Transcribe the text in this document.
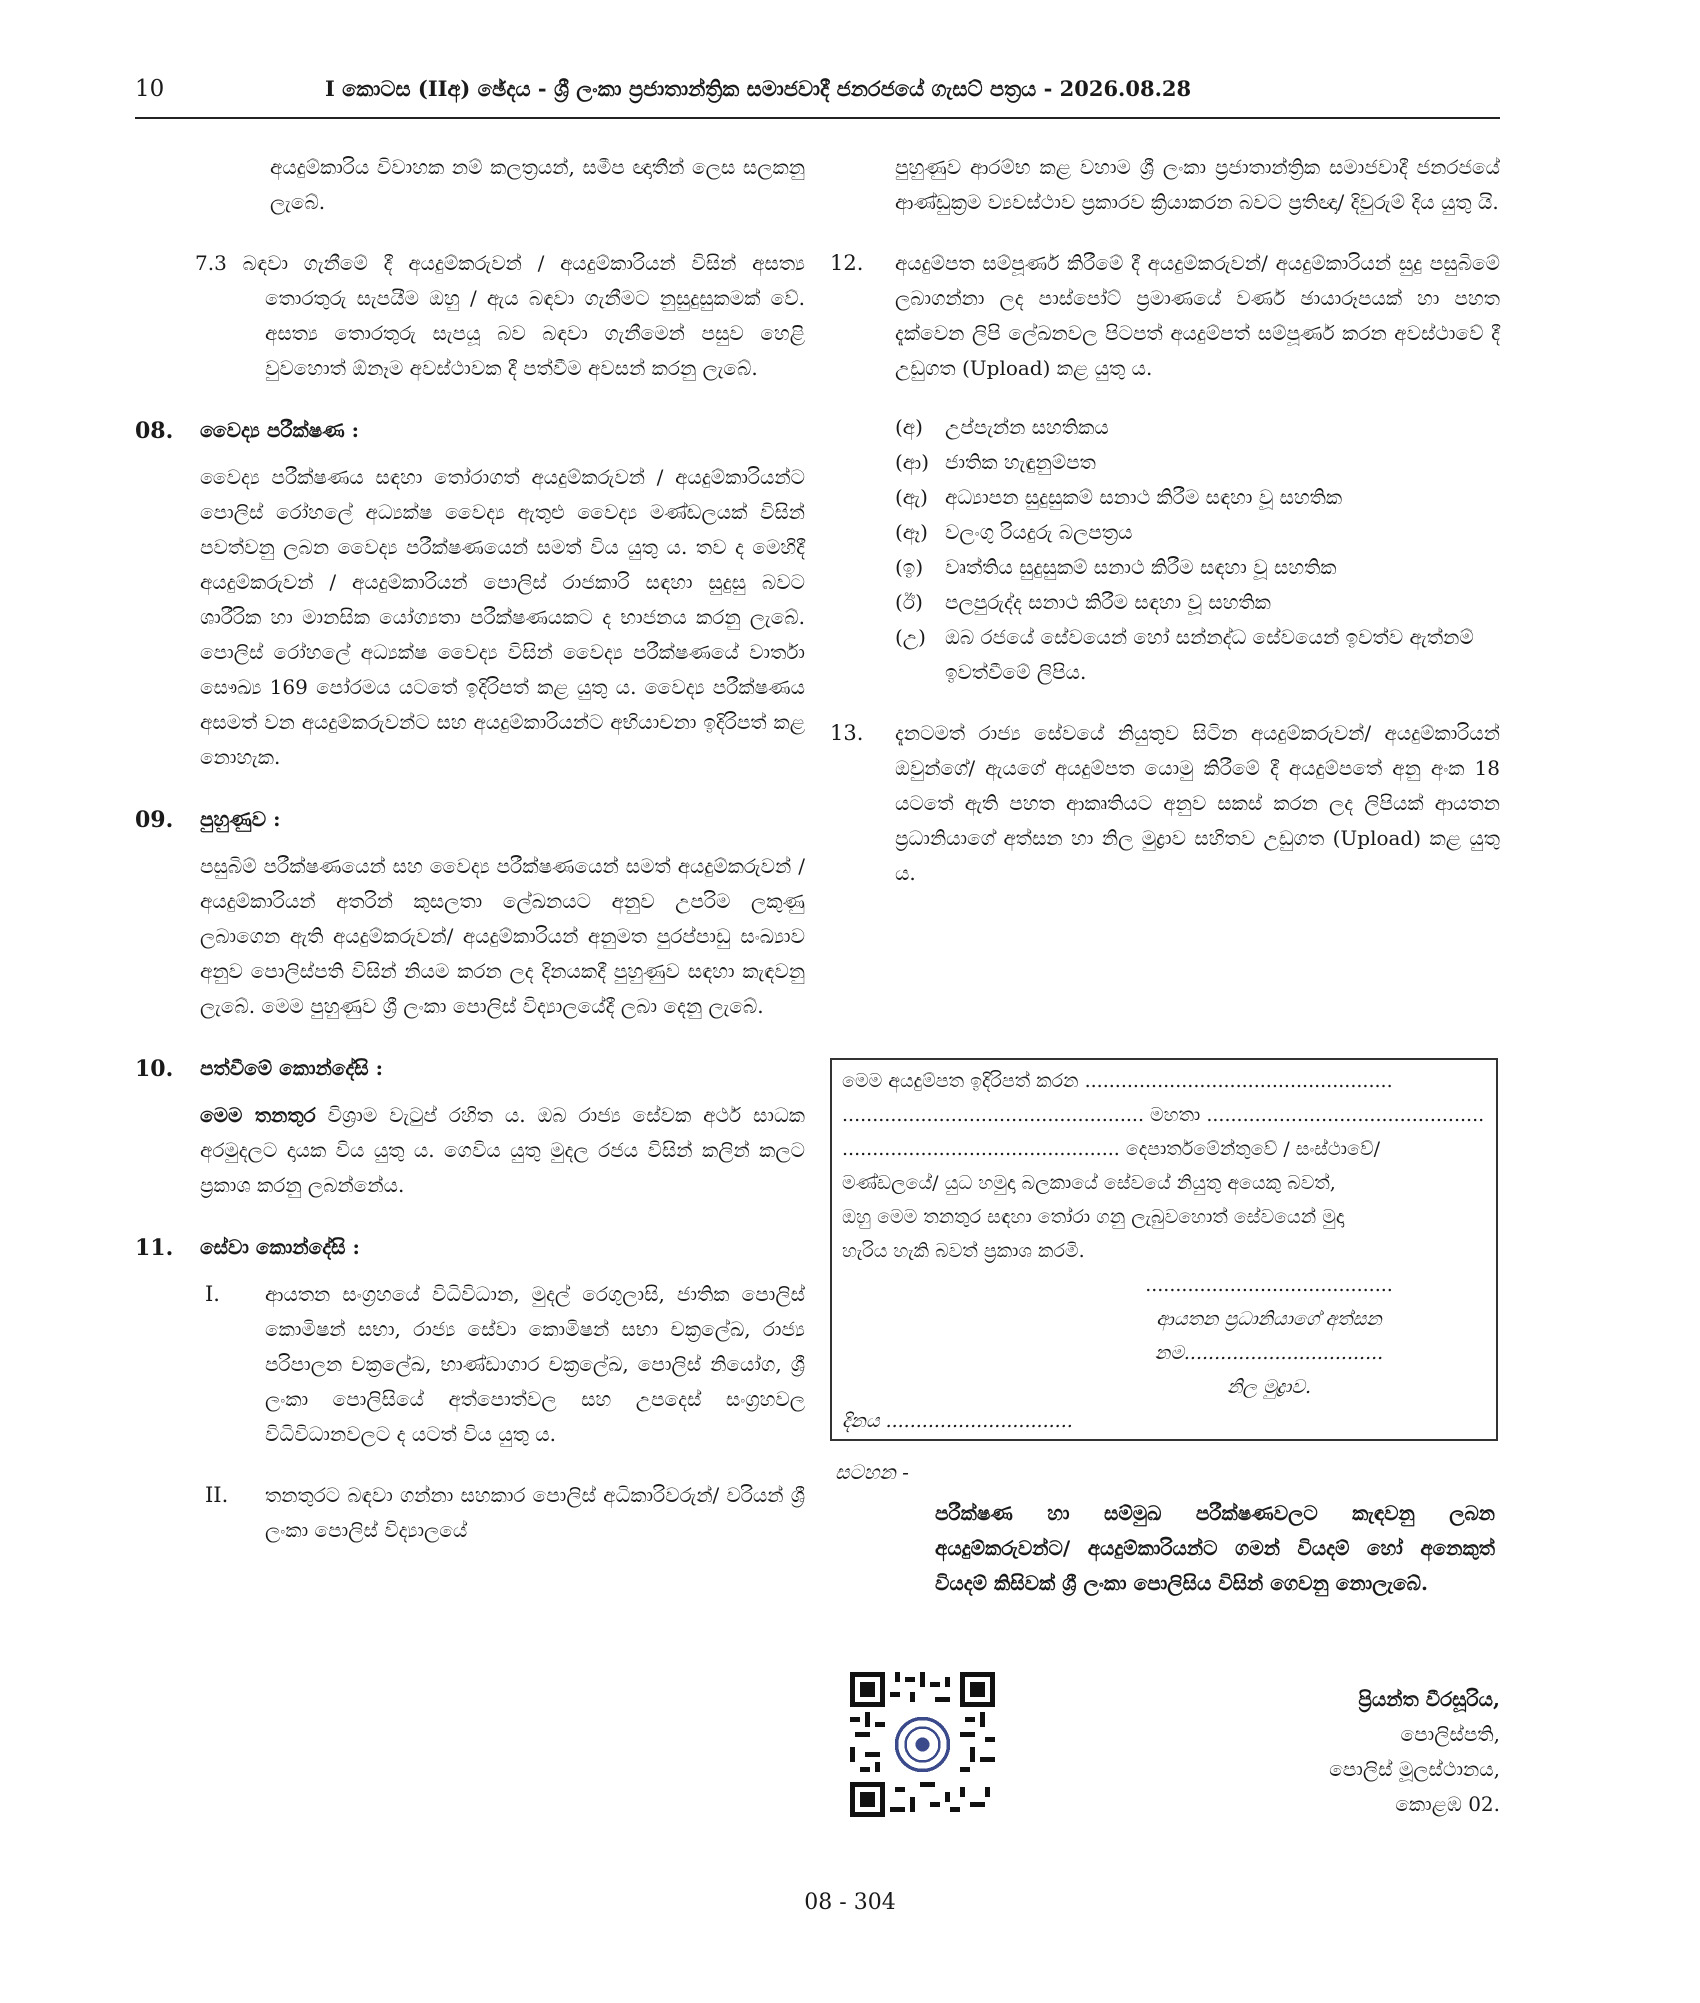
10	I කොටස (IIඅ) ඡේදය - ශ්‍රී ලංකා ප්‍රජාතාන්ත්‍රික සමාජවාදී ජනරජයේ ගැසට් පත්‍රය - 2026.08.28

අයදුම්කාරිය විවාහක නම් කලත්‍රයන්, සමීප ඥාතීන් ලෙස සලකනු ලැබේ.

7.3 බඳවා ගැනීමේ දී අයදුම්කරුවන් / අයදුම්කාරියන් විසින් අසත්‍ය තොරතුරු සැපයීම ඔහු / ඇය බඳවා ගැනීමට නුසුදුසුකමක් වේ. අසත්‍ය තොරතුරු සැපයූ බව බඳවා ගැනීමෙන් පසුව හෙළි වුවහොත් ඕනෑම අවස්ථාවක දී පත්වීම අවසන් කරනු ලැබේ.
08. වෛද්‍ය පරීක්ෂණ :

වෛද්‍ය පරීක්ෂණය සඳහා තෝරාගත් අයදුම්කරුවන් / අයදුම්කාරියන්ට පොලිස් රෝහලේ අධ්‍යක්ෂ වෛද්‍ය ඇතුළු වෛද්‍ය මණ්ඩලයක් විසින් පවත්වනු ලබන වෛද්‍ය පරීක්ෂණයෙන් සමත් විය යුතු ය. තව ද මෙහිදී අයදුම්කරුවන් / අයදුම්කාරියන් පොලිස් රාජකාරි සඳහා සුදුසු බවට ශාරීරික හා මානසික යෝග්‍යතා පරීක්ෂණයකට ද භාජනය කරනු ලැබේ. පොලිස් රෝහලේ අධ්‍යක්ෂ වෛද්‍ය විසින් වෛද්‍ය පරීක්ෂණයේ වාර්තා සෞඛ්‍ය 169 පෝරමය යටතේ ඉදිරිපත් කළ යුතු ය. වෛද්‍ය පරීක්ෂණය අසමත් වන අයදුම්කරුවන්ට සහ අයදුම්කාරියන්ට අභියාචනා ඉදිරිපත් කළ නොහැක.

09. පුහුණුව :

පසුබිම් පරීක්ෂණයෙන් සහ වෛද්‍ය පරීක්ෂණයෙන් සමත් අයදුම්කරුවන් /අයදුම්කාරියන් අතරින් කුසලතා ලේඛනයට අනුව උපරිම ලකුණු ලබාගෙන ඇති අයදුම්කරුවන්/ අයදුම්කාරියන් අනුමත පුරප්පාඩු සංඛ්‍යාව අනුව පොලිස්පති විසින් නියම කරන ලද දිනයකදී පුහුණුව සඳහා කැඳවනු ලැබේ. මෙම පුහුණුව ශ්‍රී ලංකා පොලිස් විද්‍යාලයේදී ලබා දෙනු ලැබේ.

10. පත්වීමේ කොන්දේසි :

මෙම තනතුර විශ්‍රාම වැටුප් රහිත ය. ඔබ රාජ්‍ය සේවක අර්ථ සාධක අරමුදලට දායක විය යුතු ය. ගෙවිය යුතු මුදල රජය විසින් කලින් කලට ප්‍රකාශ කරනු ලබන්නේය.

11. සේවා කොන්දේසි :
I. ආයතන සංග්‍රහයේ විධිවිධාන, මුදල් රෙගුලාසි, ජාතික පොලිස් කොමිෂන් සභා, රාජ්‍ය සේවා කොමිෂන් සභා චක්‍රලේඛ, රාජ්‍ය පරිපාලන චක්‍රලේඛ, භාණ්ඩාගාර චක්‍රලේඛ, පොලිස් නියෝග, ශ්‍රී ලංකා පොලිසියේ අත්පොත්වල සහ උපදෙස් සංග්‍රහවල විධිවිධානවලට ද යටත් විය යුතු ය.
II. තනතුරට බඳවා ගන්නා සහකාර පොලිස් අධිකාරිවරුන්/ වරියන් ශ්‍රී ලංකා පොලිස් විද්‍යාලයේ

පුහුණුව ආරම්භ කළ වහාම ශ්‍රී ලංකා ප්‍රජාතාන්ත්‍රික සමාජවාදී ජනරජයේ ආණ්ඩුක්‍රම ව්‍යවස්ථාව ප්‍රකාරව ක්‍රියාකරන බවට ප්‍රතිඥා/ දිවුරුම් දිය යුතු යි.

12. අයදුම්පත සම්පූර්ණ කිරීමේ දී අයදුම්කරුවන්/ අයදුම්කාරියන් සුදු පසුබිමේ ලබාගන්නා ලද පාස්පෝට් ප්‍රමාණයේ වර්ණ ඡායාරූපයක් හා පහත දැක්වෙන ලිපි ලේඛනවල පිටපත් අයදුම්පත් සම්පූර්ණ කරන අවස්ථාවේ දී උඩුගත (Upload) කළ යුතු ය.
(අ) උප්පැන්න සහතිකය
(ආ) ජාතික හැඳුනුම්පත
(ඇ) අධ්‍යාපන සුදුසුකම් සනාථ කිරීම සඳහා වූ සහතික
(ඈ) වලංගු රියදුරු බලපත්‍රය
(ඉ) වෘත්තිය සුදුසුකම් සනාථ කිරීම සඳහා වූ සහතික
(ඊ) පලපුරුද්ද සනාථ කිරීම සඳහා වූ සහතික
(උ) ඔබ රජයේ සේවයෙන් හෝ සන්නද්ධ සේවයෙන් ඉවත්ව ඇත්නම් ඉවත්වීමේ ලිපිය.
13. දැනටමත් රාජ්‍ය සේවයේ නියුතුව සිටින අයදුම්කරුවන්/ අයදුම්කාරියන් ඔවුන්ගේ/ ඇයගේ අයදුම්පත යොමු කිරීමේ දී අයදුම්පතේ අනු අංක 18 යටතේ ඇති පහත ආකෘතියට අනුව සකස් කරන ලද ලිපියක් ආයතන ප්‍රධානියාගේ අත්සන හා නිල මුද්‍රාව සහිතව උඩුගත (Upload) කළ යුතු ය.
මෙම අයදුම්පත ඉදිරිපත් කරන ...................................................
.................................................. මහතා ..............................................
.............................................. දෙපාර්තමේන්තුවේ / සංස්ථාවේ/
මණ්ඩලයේ/ යුධ හමුදා බලකායේ සේවයේ නියුතු අයෙකු බවත්,
ඔහු මෙම තනතුර සඳහා තෝරා ගනු ලැබුවහොත් සේවයෙන් මුදා
හැරිය හැකි බවත් ප්‍රකාශ කරමි.
.........................................
ආයතන ප්‍රධානියාගේ අත්සන
නම.................................
නිල මුද්‍රාව.
දිනය ...............................
සටහන -
පරීක්ෂණ හා සම්මුඛ පරීක්ෂණවලට කැඳවනු ලබන අයදුම්කරුවන්ට/ අයදුම්කාරියන්ට ගමන් වියදම් හෝ අනෙකුත් වියදම් කිසිවක් ශ්‍රී ලංකා පොලිසිය විසින් ගෙවනු නොලැබේ.
ප්‍රියන්ත වීරසූරිය,
පොලිස්පති,
පොලිස් මූලස්ථානය,
කොළඹ 02.
08 - 304
